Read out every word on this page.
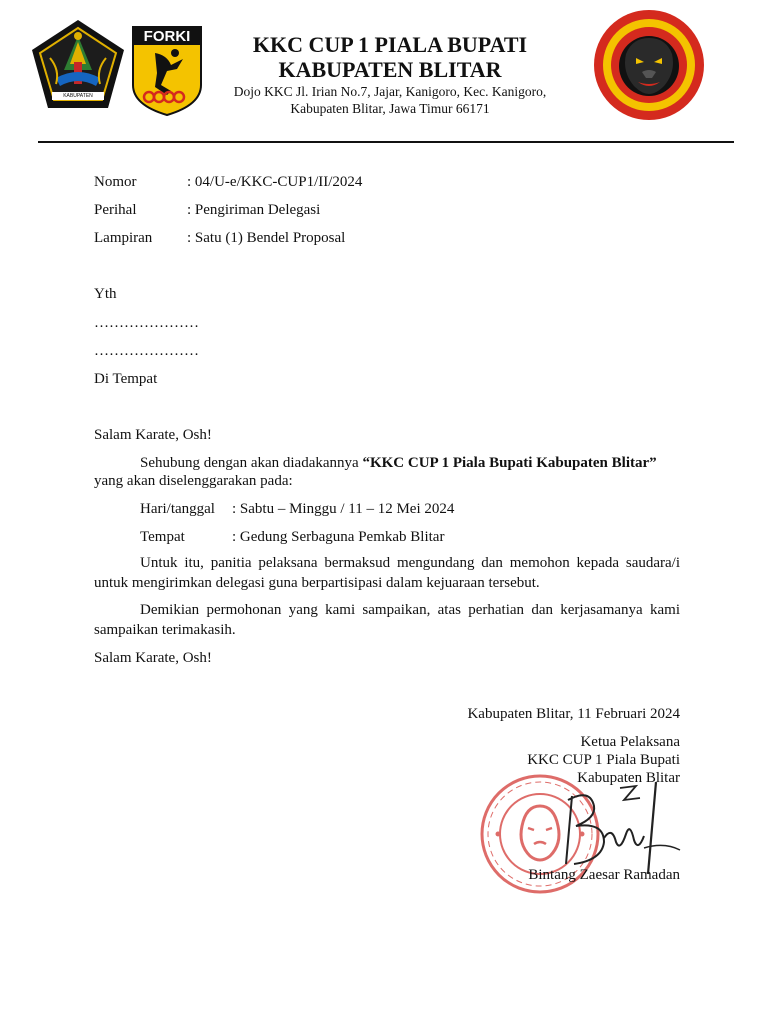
KABUPATEN BLITAR
FORKI	KKC CUP 1 PIALA BUPATI
KABUPATEN BLITAR
Dojo KKC Jl. Irian No.7, Jajar, Kanigoro, Kec. Kanigoro,
Kabupaten Blitar, Jawa Timur 66171
Nomor	: 04/U-e/KKC-CUP1/II/2024
Perihal	: Pengiriman Delegasi
Lampiran : Satu (1) Bendel Proposal
Yth
…………………
…………………
Di Tempat
Salam Karate, Osh!
Sehubung dengan akan diadakannya “KKC CUP 1 Piala Bupati Kabupaten Blitar”
yang akan diselenggarakan pada:
Hari/tanggal : Sabtu – Minggu / 11 – 12 Mei 2024
Tempat	: Gedung Serbaguna Pemkab Blitar
Untuk itu, panitia pelaksana bermaksud mengundang dan memohon kepada saudara/i untuk mengirimkan delegasi guna berpartisipasi dalam kejuaraan tersebut.
Demikian permohonan yang kami sampaikan, atas perhatian dan kerjasamanya kami sampaikan terimakasih.
Salam Karate, Osh!
Kabupaten Blitar, 11 Februari 2024
Ketua Pelaksana
KKC CUP 1 Piala Bupati
Kabupaten Blitar
Bintang Zaesar Ramadan
